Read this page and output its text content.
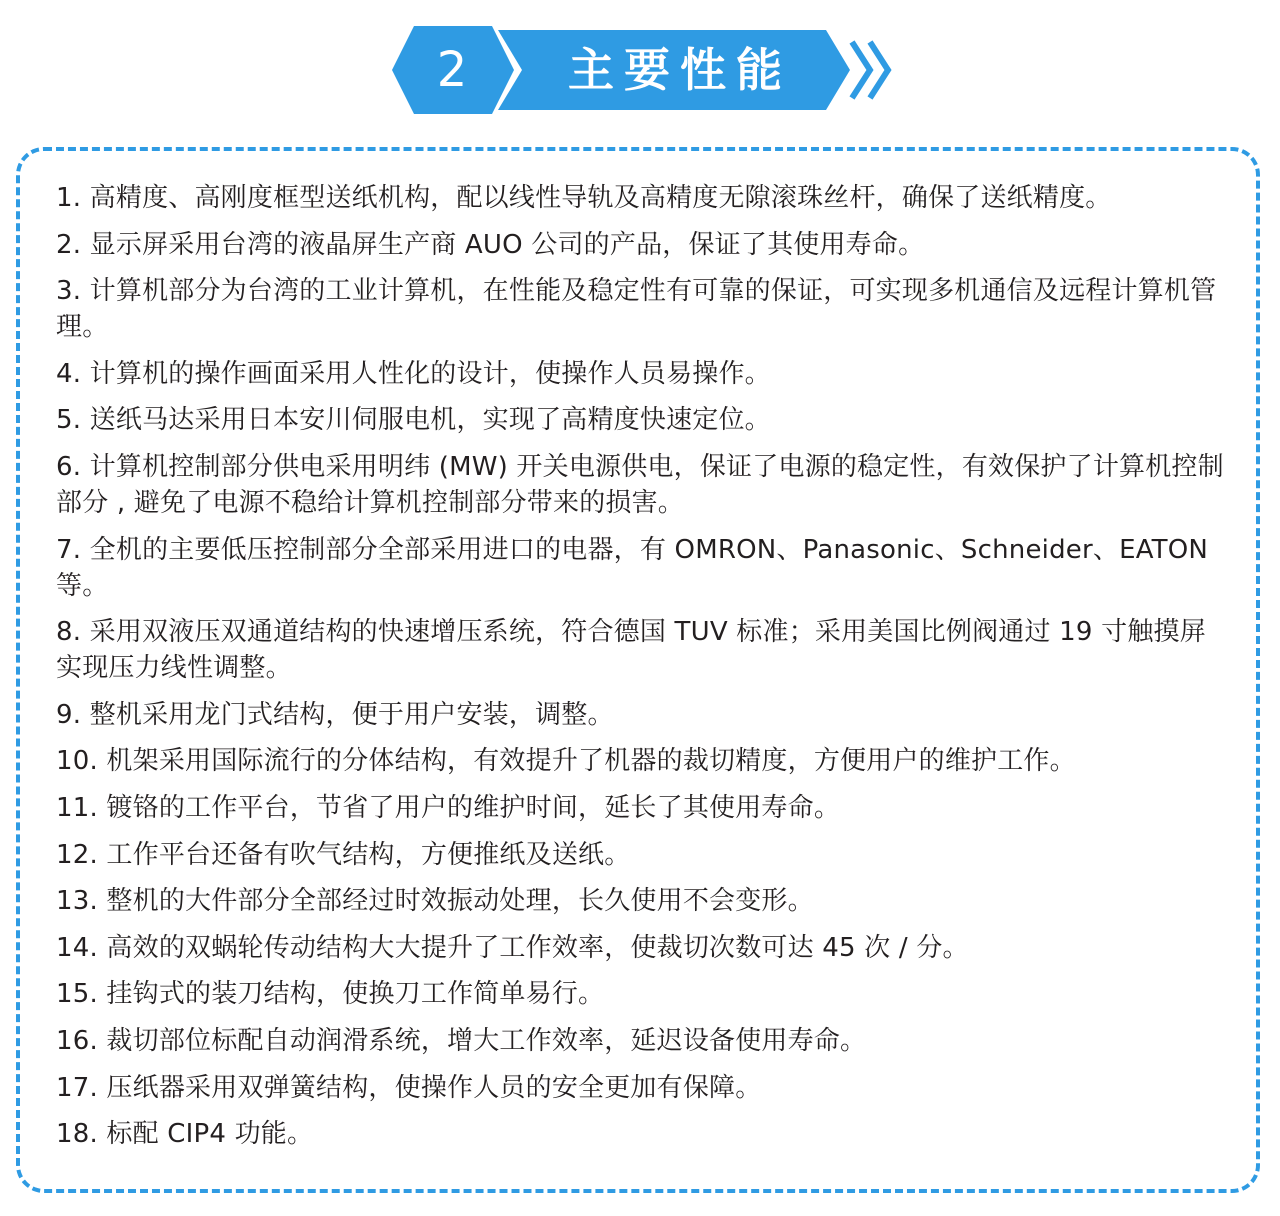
2	主要性能
1. 高精度、高刚度框型送纸机构，配以线性导轨及高精度无隙滚珠丝杆，确保了送纸精度。
2. 显示屏采用台湾的液晶屏生产商 AUO 公司的产品，保证了其使用寿命。
3. 计算机部分为台湾的工业计算机，在性能及稳定性有可靠的保证，可实现多机通信及远程计算机管理。
4. 计算机的操作画面采用人性化的设计，使操作人员易操作。
5. 送纸马达采用日本安川伺服电机，实现了高精度快速定位。
6. 计算机控制部分供电采用明纬 (MW) 开关电源供电，保证了电源的稳定性，有效保护了计算机控制部分 , 避免了电源不稳给计算机控制部分带来的损害。
7. 全机的主要低压控制部分全部采用进口的电器，有 OMRON、Panasonic、Schneider、EATON 等。
8. 采用双液压双通道结构的快速增压系统，符合德国 TUV 标准；采用美国比例阀通过 19 寸触摸屏实现压力线性调整。
9. 整机采用龙门式结构，便于用户安装，调整。
10. 机架采用国际流行的分体结构，有效提升了机器的裁切精度，方便用户的维护工作。
11. 镀铬的工作平台，节省了用户的维护时间，延长了其使用寿命。
12. 工作平台还备有吹气结构，方便推纸及送纸。
13. 整机的大件部分全部经过时效振动处理，长久使用不会变形。
14. 高效的双蜗轮传动结构大大提升了工作效率，使裁切次数可达 45 次 / 分。
15. 挂钩式的装刀结构，使换刀工作简单易行。
16. 裁切部位标配自动润滑系统，增大工作效率，延迟设备使用寿命。
17. 压纸器采用双弹簧结构，使操作人员的安全更加有保障。
18. 标配 CIP4 功能。
